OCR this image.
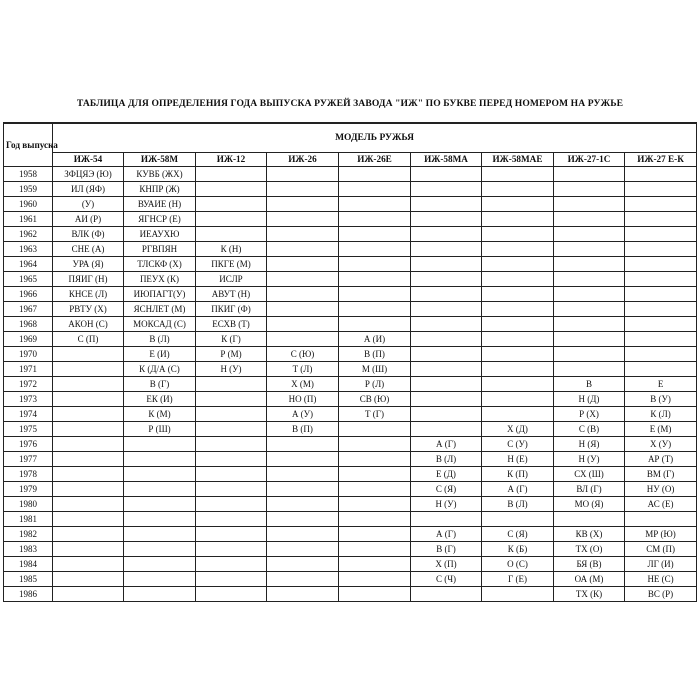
ТАБЛИЦА ДЛЯ ОПРЕДЕЛЕНИЯ ГОДА ВЫПУСКА РУЖЕЙ ЗАВОДА "ИЖ" ПО БУКВЕ ПЕРЕД НОМЕРОМ НА РУЖЬЕ
Год выпуска	МОДЕЛЬ РУЖЬЯ								
	ИЖ-54	ИЖ-58М	ИЖ-12	ИЖ-26	ИЖ-26Е	ИЖ-58МА	ИЖ-58МАЕ	ИЖ-27-1С	ИЖ-27 Е-К
1958	ЗФЦЯЭ (Ю)	КУВБ (ЖХ)							
1959	ИЛ (ЯФ)	КНПР (Ж)							
1960	(У)	ВУАИЕ (Н)							
1961	АИ (Р)	ЯГНСР (Е)							
1962	ВЛК (Ф)	ИЕАУХЮ							
1963	СНЕ (А)	РГВПЯН	К (Н)						
1964	УРА (Я)	ТЛСКФ (Х)	ПКГЕ (М)						
1965	ПЯИГ (Н)	ПЕУХ (К)	ИСЛР						
1966	КНСЕ (Л)	ИЮПАГТ(У)	АВУТ (Н)						
1967	РВТУ (Х)	ЯСНЛЕТ (М)	ПКИГ (Ф)						
1968	АКОН (С)	МОКСАД (С)	ЕСХВ (Т)						
1969	С (П)	В (Л)	К (Г)		А (И)				
1970		Е (И)	Р (М)	С (Ю)	В (П)				
1971		К (Д/А (С)	Н (У)	Т (Л)	М (Ш)				
1972		В (Г)		Х (М)	Р (Л)			В	Е
1973		ЕК (И)		НО (П)	СВ (Ю)			Н (Д)	В (У)
1974		К (М)		А (У)	Т (Г)			Р (Х)	К (Л)
1975		Р (Ш)		В (П)			Х (Д)	С (В)	Е (М)
1976						А (Г)	С (У)	Н (Я)	Х (У)
1977						В (Л)	Н (Е)	Н (У)	АР (Т)
1978						Е (Д)	К (П)	СХ (Ш)	ВМ (Г)
1979						С (Я)	А (Г)	ВЛ (Г)	НУ (О)
1980						Н (У)	В (Л)	МО (Я)	АС (Е)
1981									
1982						А (Г)	С (Я)	КВ (Х)	МР (Ю)
1983						В (Г)	К (Б)	ТХ (О)	СМ (П)
1984						Х (П)	О (С)	БЯ (В)	ЛГ (И)
1985						С (Ч)	Г (Е)	ОА (М)	НЕ (С)
1986								ТХ (К)	ВС (Р)
